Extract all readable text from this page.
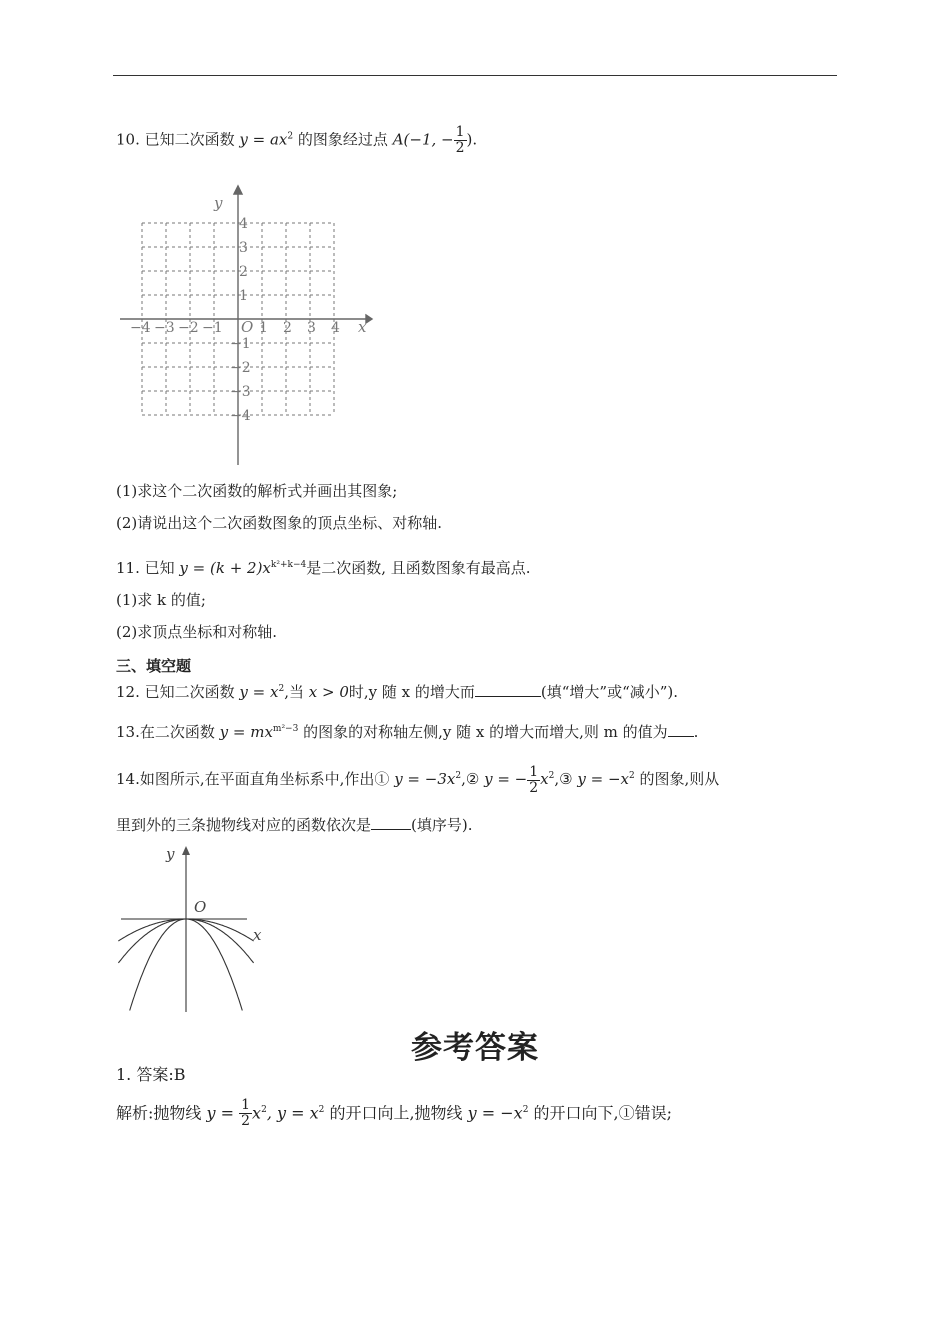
10. 已知二次函数 $y = ax^2$ 的图象经过点 A(−1, − $\frac{1}{2}$ ).
x
y
O
−4 −3 −2 −1	1 2 3 4
4
3
2
1
−1
−2
−3
−4
(1)求这个二次函数的解析式并画出其图象;
(2)请说出这个二次函数图象的顶点坐标、对称轴.
11. 已知 $y = (k + 2)x^{k^2+k-4}$是二次函数, 且函数图象有最高点.
(1)求 k 的值;
(2)求顶点坐标和对称轴.
三、填空题
12. 已知二次函数 $y = x^2$,当 x > 0时,y 随 x 的增大而	(填“增大”或“减小”).
13.在二次函数 $y = mx^{m^2-3}$ 的图象的对称轴左侧,y 随 x 的增大而增大,则 m 的值为 .
14.如图所示,在平面直角坐标系中,作出① $y = -3x^2,②$ y = − $\frac{1}{2}$ $x^2,③$ $y = -x^2$ 的图象,则从
里到外的三条抛物线对应的函数依次是	(填序号).
x
y
O
参考答案
1. 答案:B
解析:抛物线 $y = \frac{1}{2} x^2$, $y = x^2$ 的开口向上,抛物线 $y = -x^2$ 的开口向下,①错误;
